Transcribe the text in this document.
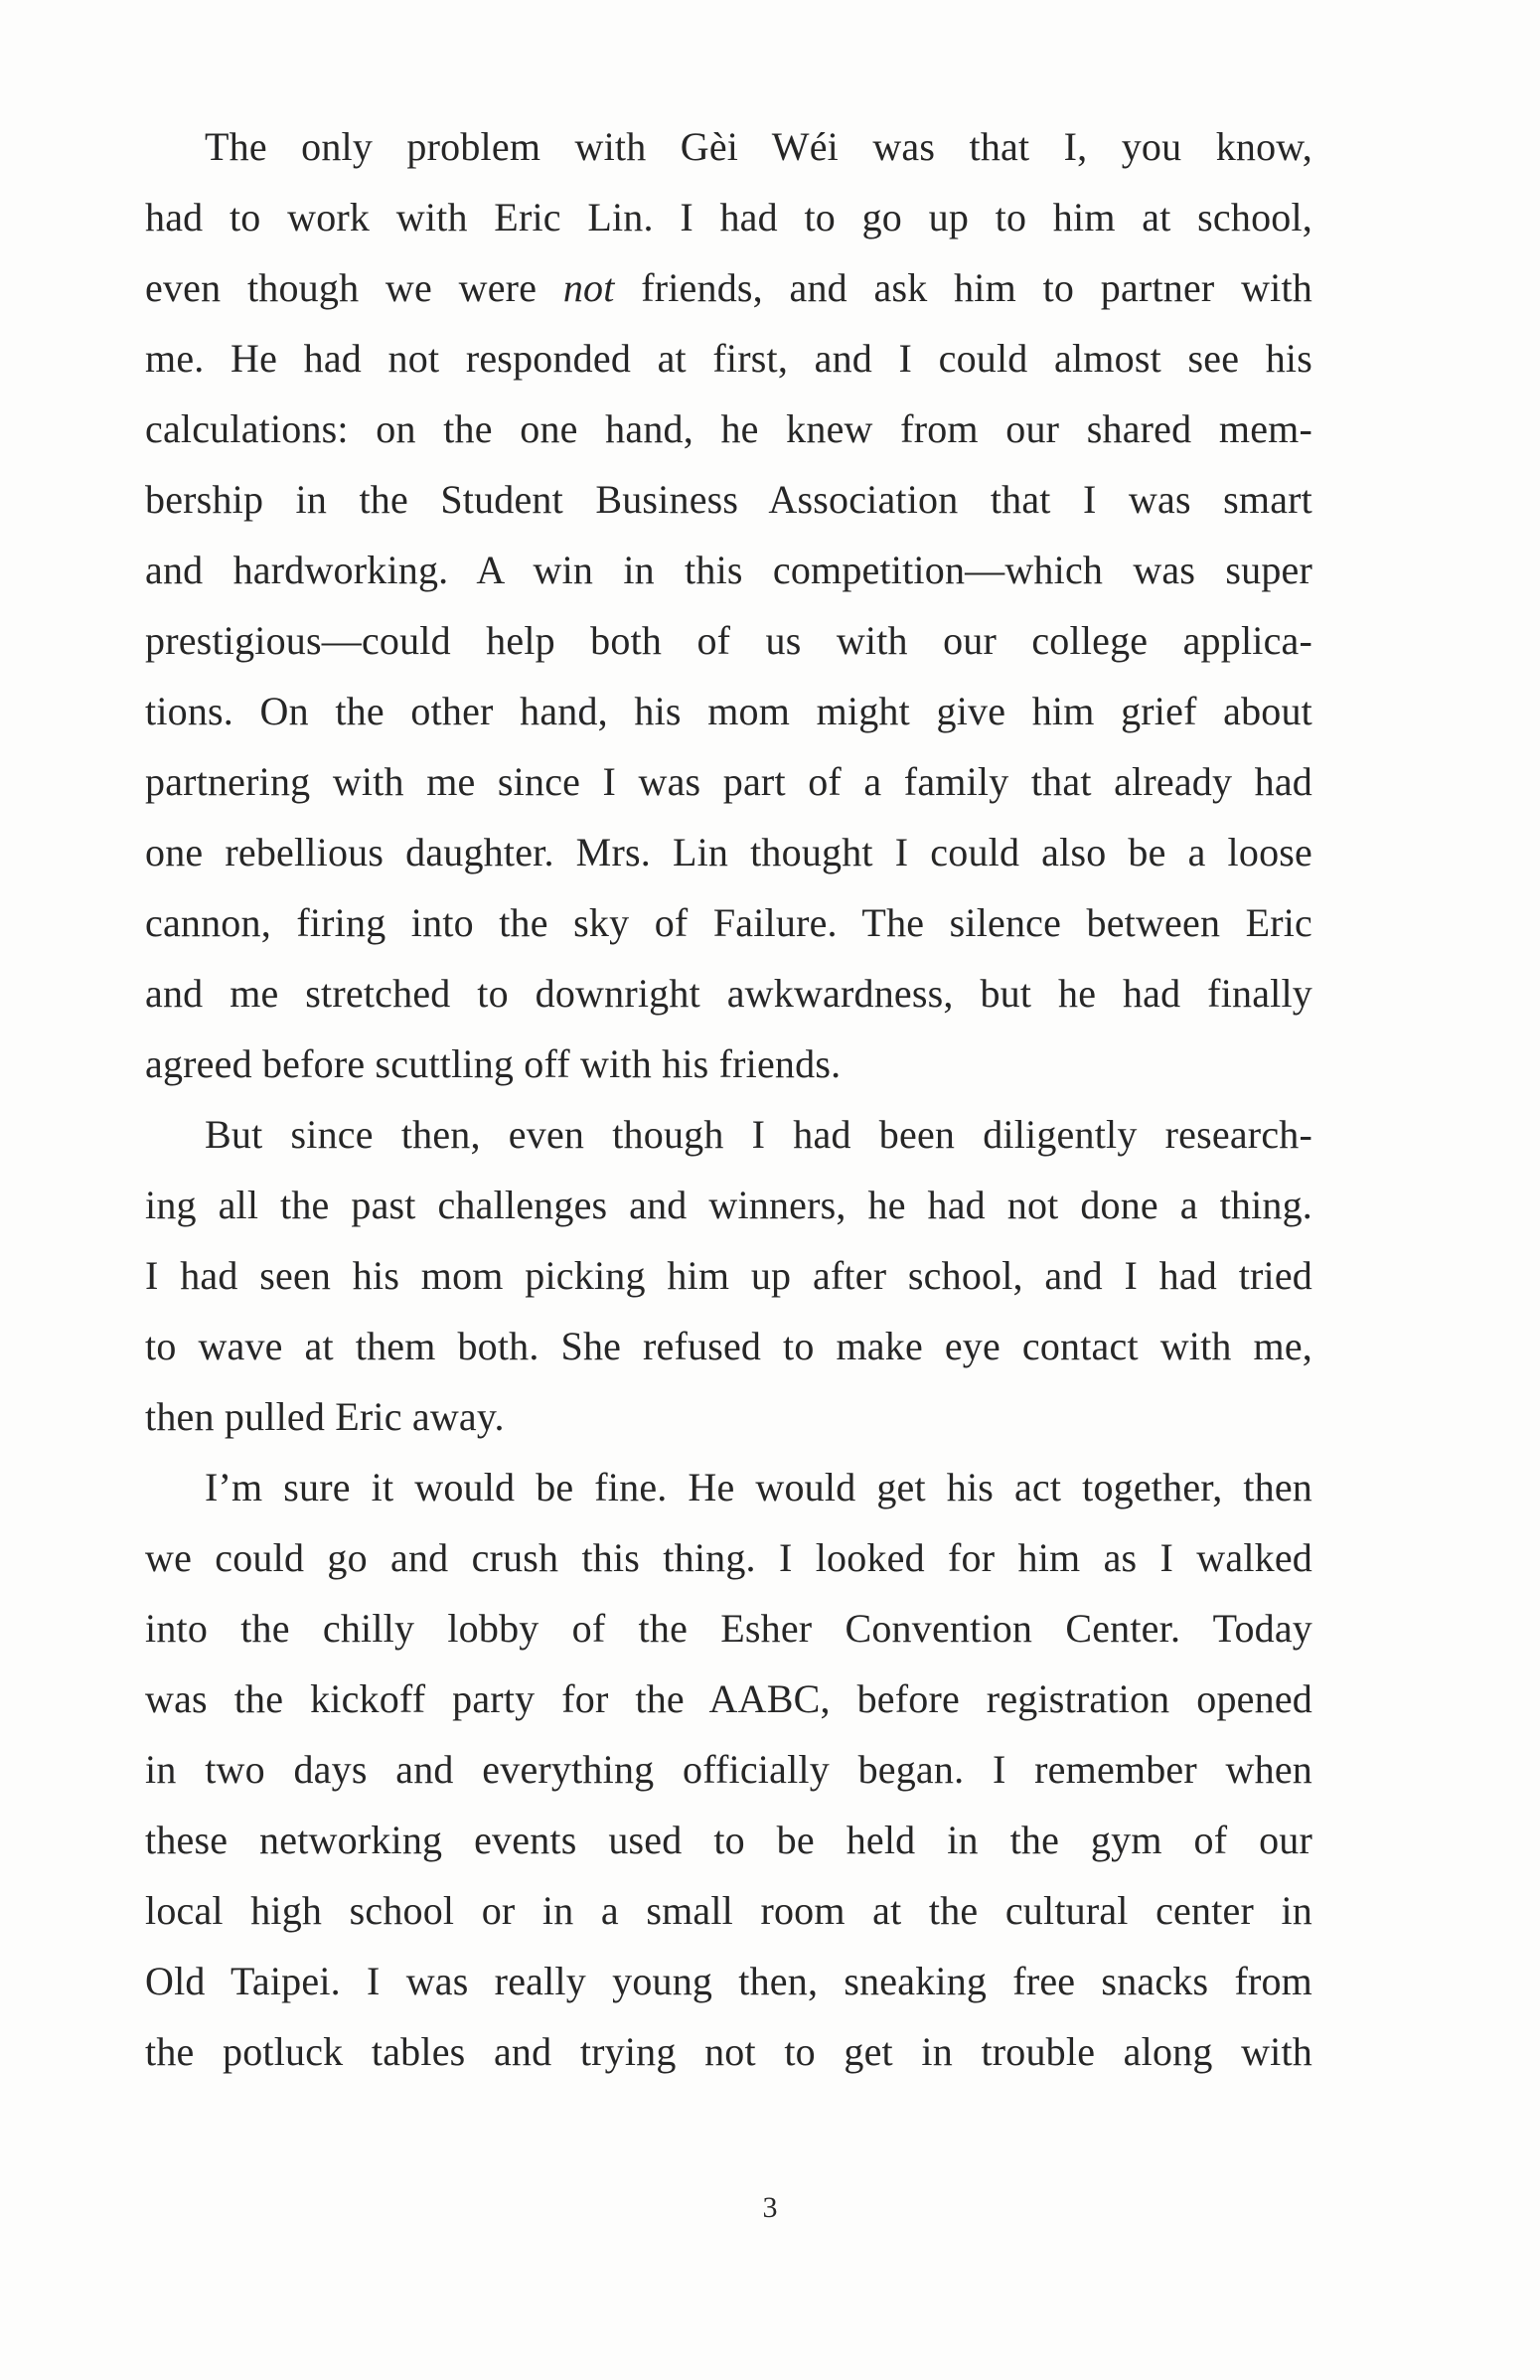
The only problem with Gèi Wéi was that I, you know,
had to work with Eric Lin. I had to go up to him at school,
even though we were not friends, and ask him to partner with
me. He had not responded at first, and I could almost see his
calculations: on the one hand, he knew from our shared mem-
bership in the Student Business Association that I was smart
and hardworking. A win in this competition—which was super
prestigious—could help both of us with our college applica-
tions. On the other hand, his mom might give him grief about
partnering with me since I was part of a family that already had
one rebellious daughter. Mrs. Lin thought I could also be a loose
cannon, firing into the sky of Failure. The silence between Eric
and me stretched to downright awkwardness, but he had finally
agreed before scuttling off with his friends.
But since then, even though I had been diligently research-
ing all the past challenges and winners, he had not done a thing.
I had seen his mom picking him up after school, and I had tried
to wave at them both. She refused to make eye contact with me,
then pulled Eric away.
I’m sure it would be fine. He would get his act together, then
we could go and crush this thing. I looked for him as I walked
into the chilly lobby of the Esher Convention Center. Today
was the kickoff party for the AABC, before registration opened
in two days and everything officially began. I remember when
these networking events used to be held in the gym of our
local high school or in a small room at the cultural center in
Old Taipei. I was really young then, sneaking free snacks from
the potluck tables and trying not to get in trouble along with
3
